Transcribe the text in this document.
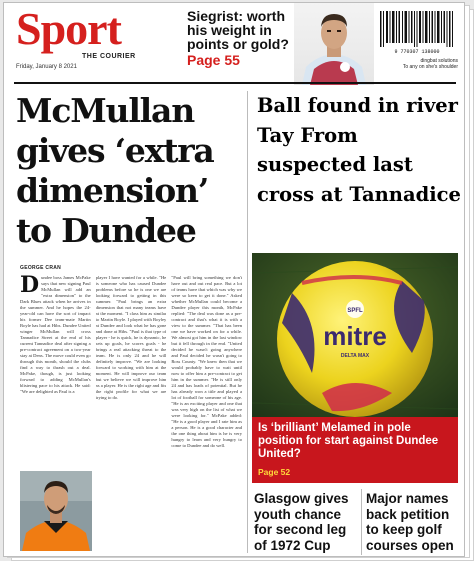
Sport
THE COURIER
Friday, January 8 2021
Siegrist: worth his weight in points or gold?
Page 55	9 770307 138000
dingbat solutions
To any on she's shoulder
McMullan gives ‘extra dimension’ to Dundee
GEORGE CRAN
D undee boss James McPake says that new signing Paul McMullan will add an "extra dimension" to the Dark Blues attack when he arrives in the summer. And he hopes the 24-year-old can have the sort of impact his former Dee team-mate Martin Boyle has had at Hibs. Dundee United winger McMullan will cross Tannadice Street at the end of his current Tannadice deal after signing a pre-contract agreement on a two-year stay at Dens. The move could even go through this month, should the clubs find a way to thrash out a deal. McPake, though, is just looking forward to adding McMullan's blistering pace to his attack. He said: "We are delighted as Paul is a
player I have wanted for a while. "He is someone who has caused Dundee problems before so he is one we are looking forward to getting in this summer. "Paul brings an extra dimension that not many teams have at the moment. "I class him as similar to Martin Boyle. I played with Boyley at Dundee and look what he has gone and done at Hibs. "Paul is that type of player - he is quick, he is dynamic, he sets up goals, he scores goals - he brings a real attacking threat to the team. He is only 24 and he will definitely improve. "We are looking forward to working with him at the moment. He will improve our team but we believe we will improve him as a player. He is the right age and fits the right profile for what we are trying to do.
"Paul will bring something we don't have out and out real pace. But a lot of teams have that which was why we were so keen to get it done." Asked whether McMullan could become a Dundee player this month, McPake replied: "The deal was done as a pre-contract and that's what it is with a view to the summer. "That has been one we have worked on for a while. We almost got him in the last window but it fell through in the end. "United decided he wasn't going anywhere and Paul decided he wasn't going to Ross County. "We knew then that we would probably have to wait until now to offer him a pre-contract to get him in the summer. "He is still only 24 and has loads of potential. But he has already won a title and played a lot of football for someone of his age. "He is an exciting player and one that was very high on the list of what we were looking for." McPake added: "He is a good player and I rate him as a person. He is a good character and the one thing about him is he is very hungry to learn and very hungry to come to Dundee and do well.
Ball found in river Tay From suspected last cross at Tannadice
SPFL
mitre
DELTA MAX
Is ‘brilliant’ Melamed in pole position for start against Dundee United?
Page 52
Glasgow gives youth chance for second leg of 1972 Cup
Major names back petition to keep golf courses open
